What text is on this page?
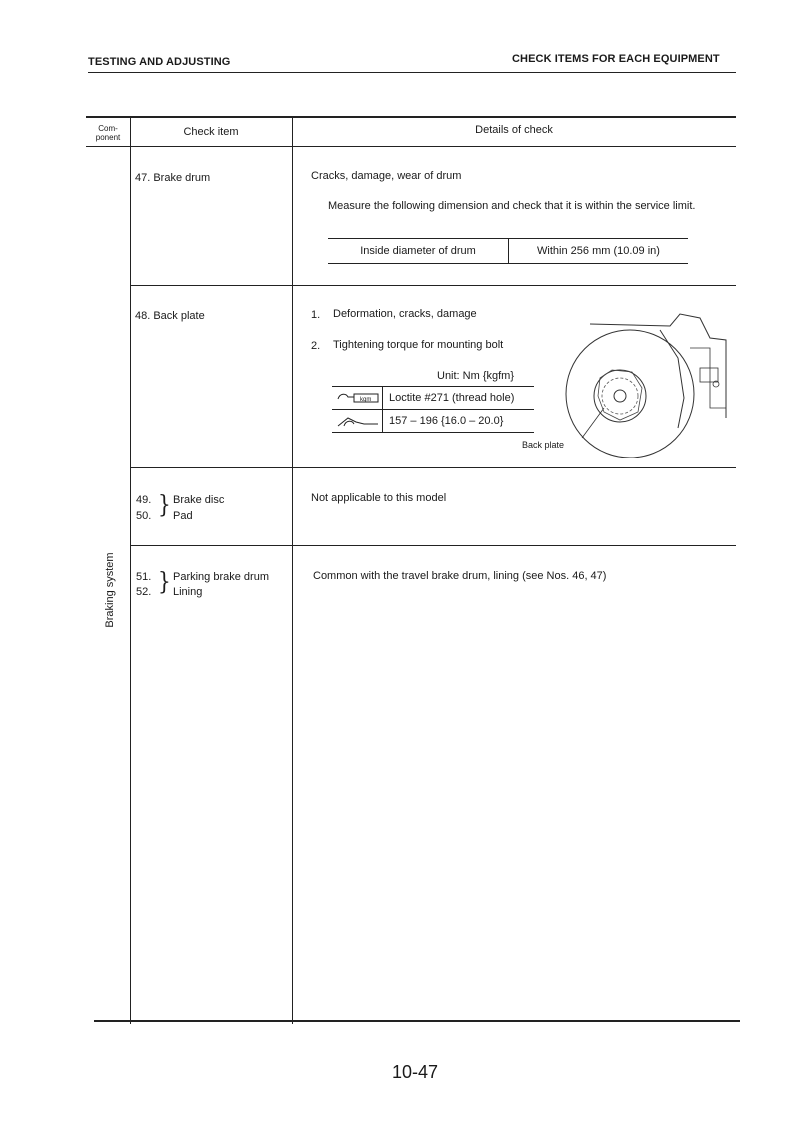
TESTING AND ADJUSTING	CHECK ITEMS FOR EACH EQUIPMENT
Com-
ponent	Check item	Details of check
Braking system
47. Brake drum	Cracks, damage, wear of drum
Measure the following dimension and check that it is within the service limit.
Inside diameter of drum	Within 256 mm (10.09 in)
48. Back plate	1. Deformation, cracks, damage
2. Tightening torque for mounting bolt
Unit: Nm {kgfm}
kgm	Loctite #271 (thread hole)
157 – 196 {16.0 – 20.0}
Back plate
49.
50. } Brake disc
Pad
Not applicable to this model
51.
52. } Parking brake drum
Lining
Common with the travel brake drum, lining (see Nos. 46, 47)
10-47
